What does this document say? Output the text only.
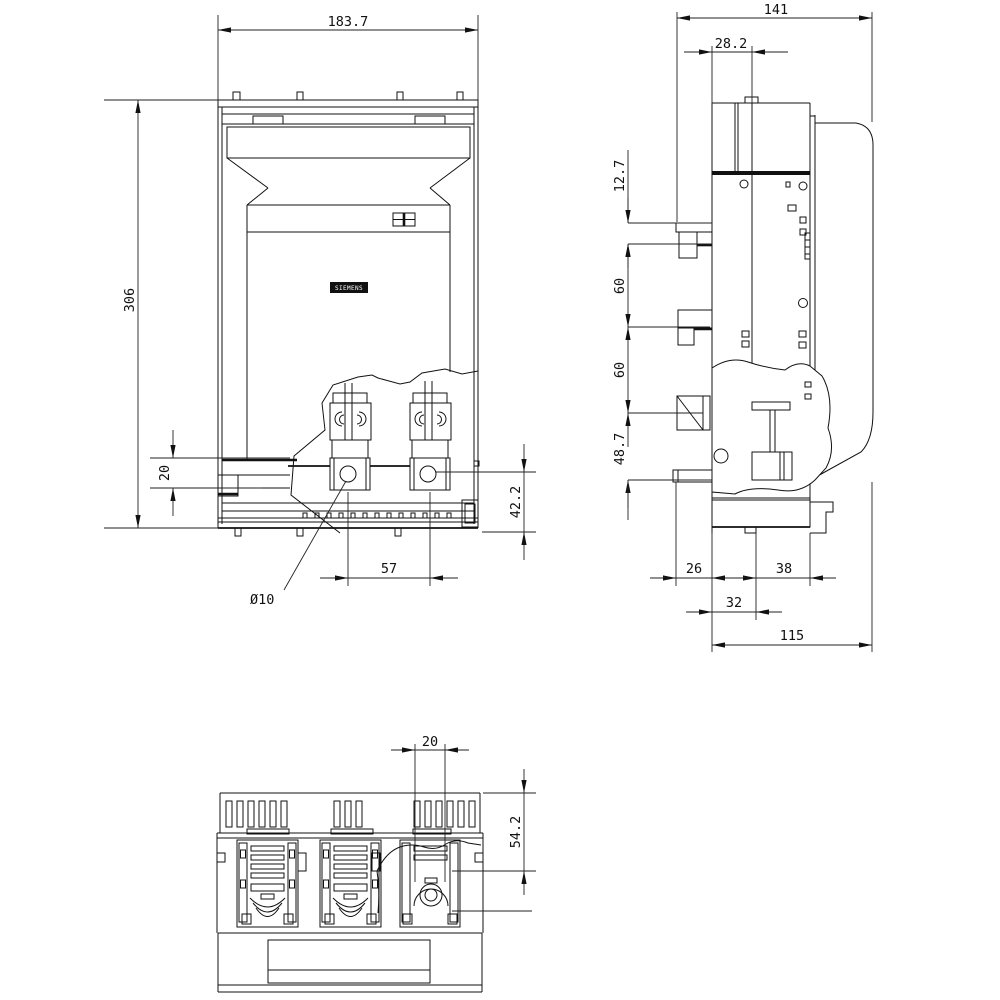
SIEMENS
183.7
306
20
42.2
57
Ø10
141
28.2
12.7
60
60
48.7
26	38
32
115
20
54.2
